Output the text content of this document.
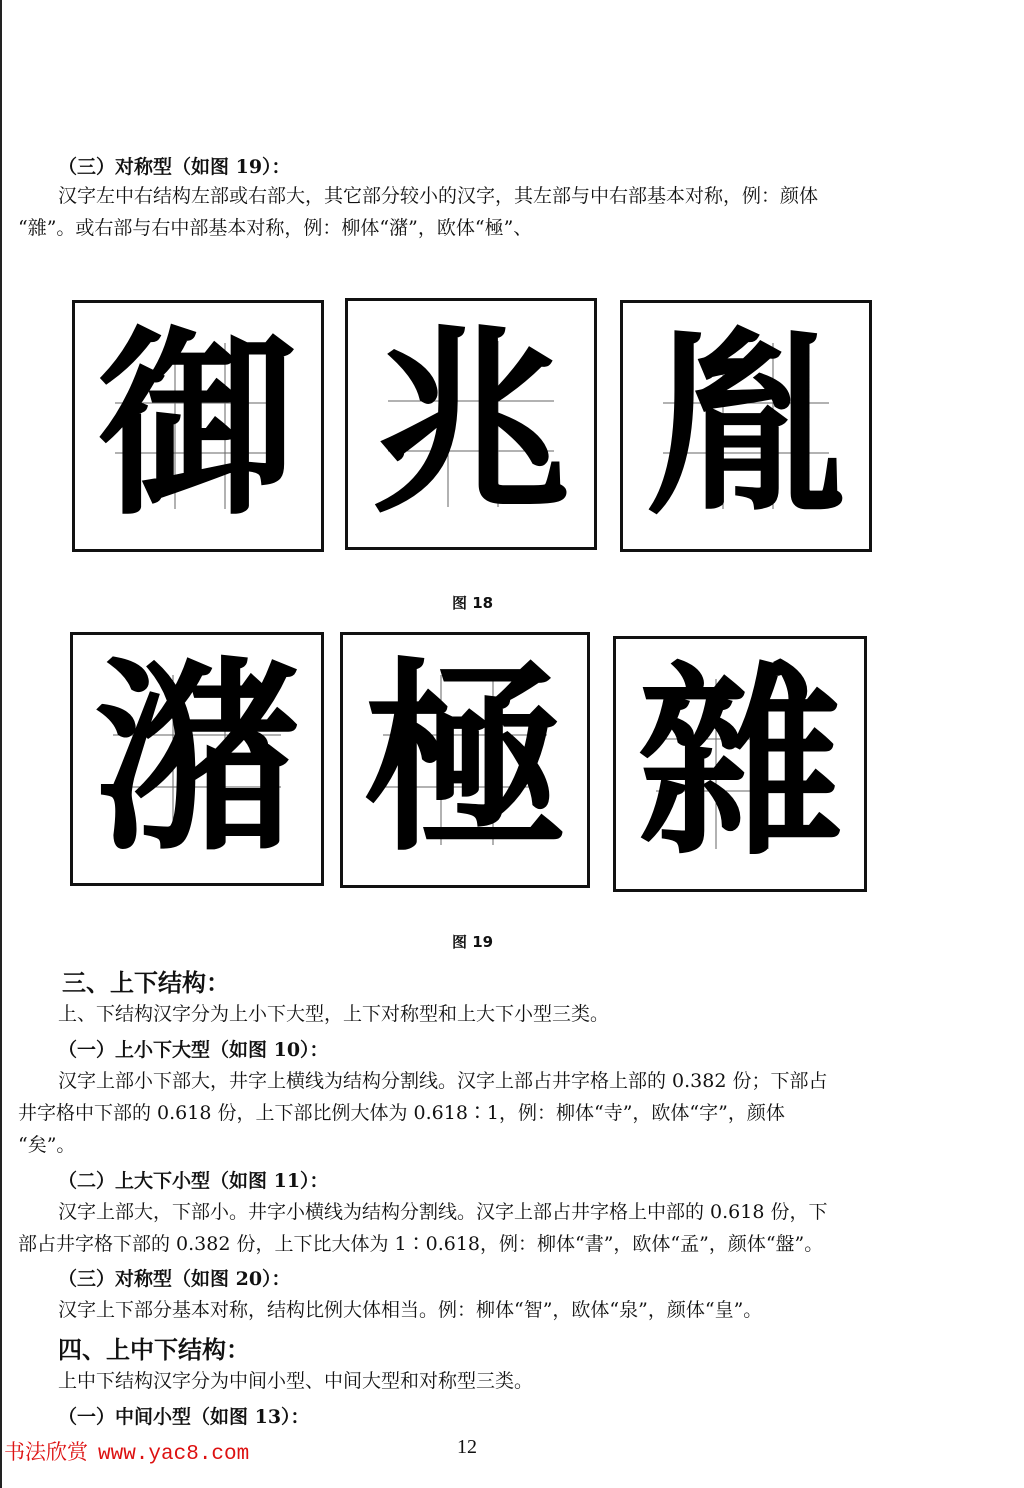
（三）对称型（如图 19）：
汉字左中右结构左部或右部大，其它部分较小的汉字，其左部与中右部基本对称，例：颜体
“雜”。或右部与右中部基本对称，例：柳体“潴”，欧体“極”、
御 兆 胤
图 18
潴 極 雜
图 19
三、上下结构：
上、下结构汉字分为上小下大型，上下对称型和上大下小型三类。
（一）上小下大型（如图 10）：
汉字上部小下部大，井字上横线为结构分割线。汉字上部占井字格上部的 0.382 份；下部占
井字格中下部的 0.618 份，上下部比例大体为 0.618∶1，例：柳体“寺”，欧体“字”，颜体
“矣”。
（二）上大下小型（如图 11）：
汉字上部大，下部小。井字小横线为结构分割线。汉字上部占井字格上中部的 0.618 份，下
部占井字格下部的 0.382 份，上下比大体为 1∶0.618，例：柳体“書”，欧体“孟”，颜体“盤”。
（三）对称型（如图 20）：
汉字上下部分基本对称，结构比例大体相当。例：柳体“智”，欧体“泉”，颜体“皇”。
四、上中下结构：
上中下结构汉字分为中间小型、中间大型和对称型三类。
（一）中间小型（如图 13）：
书法欣赏 www.yac8.com	12
